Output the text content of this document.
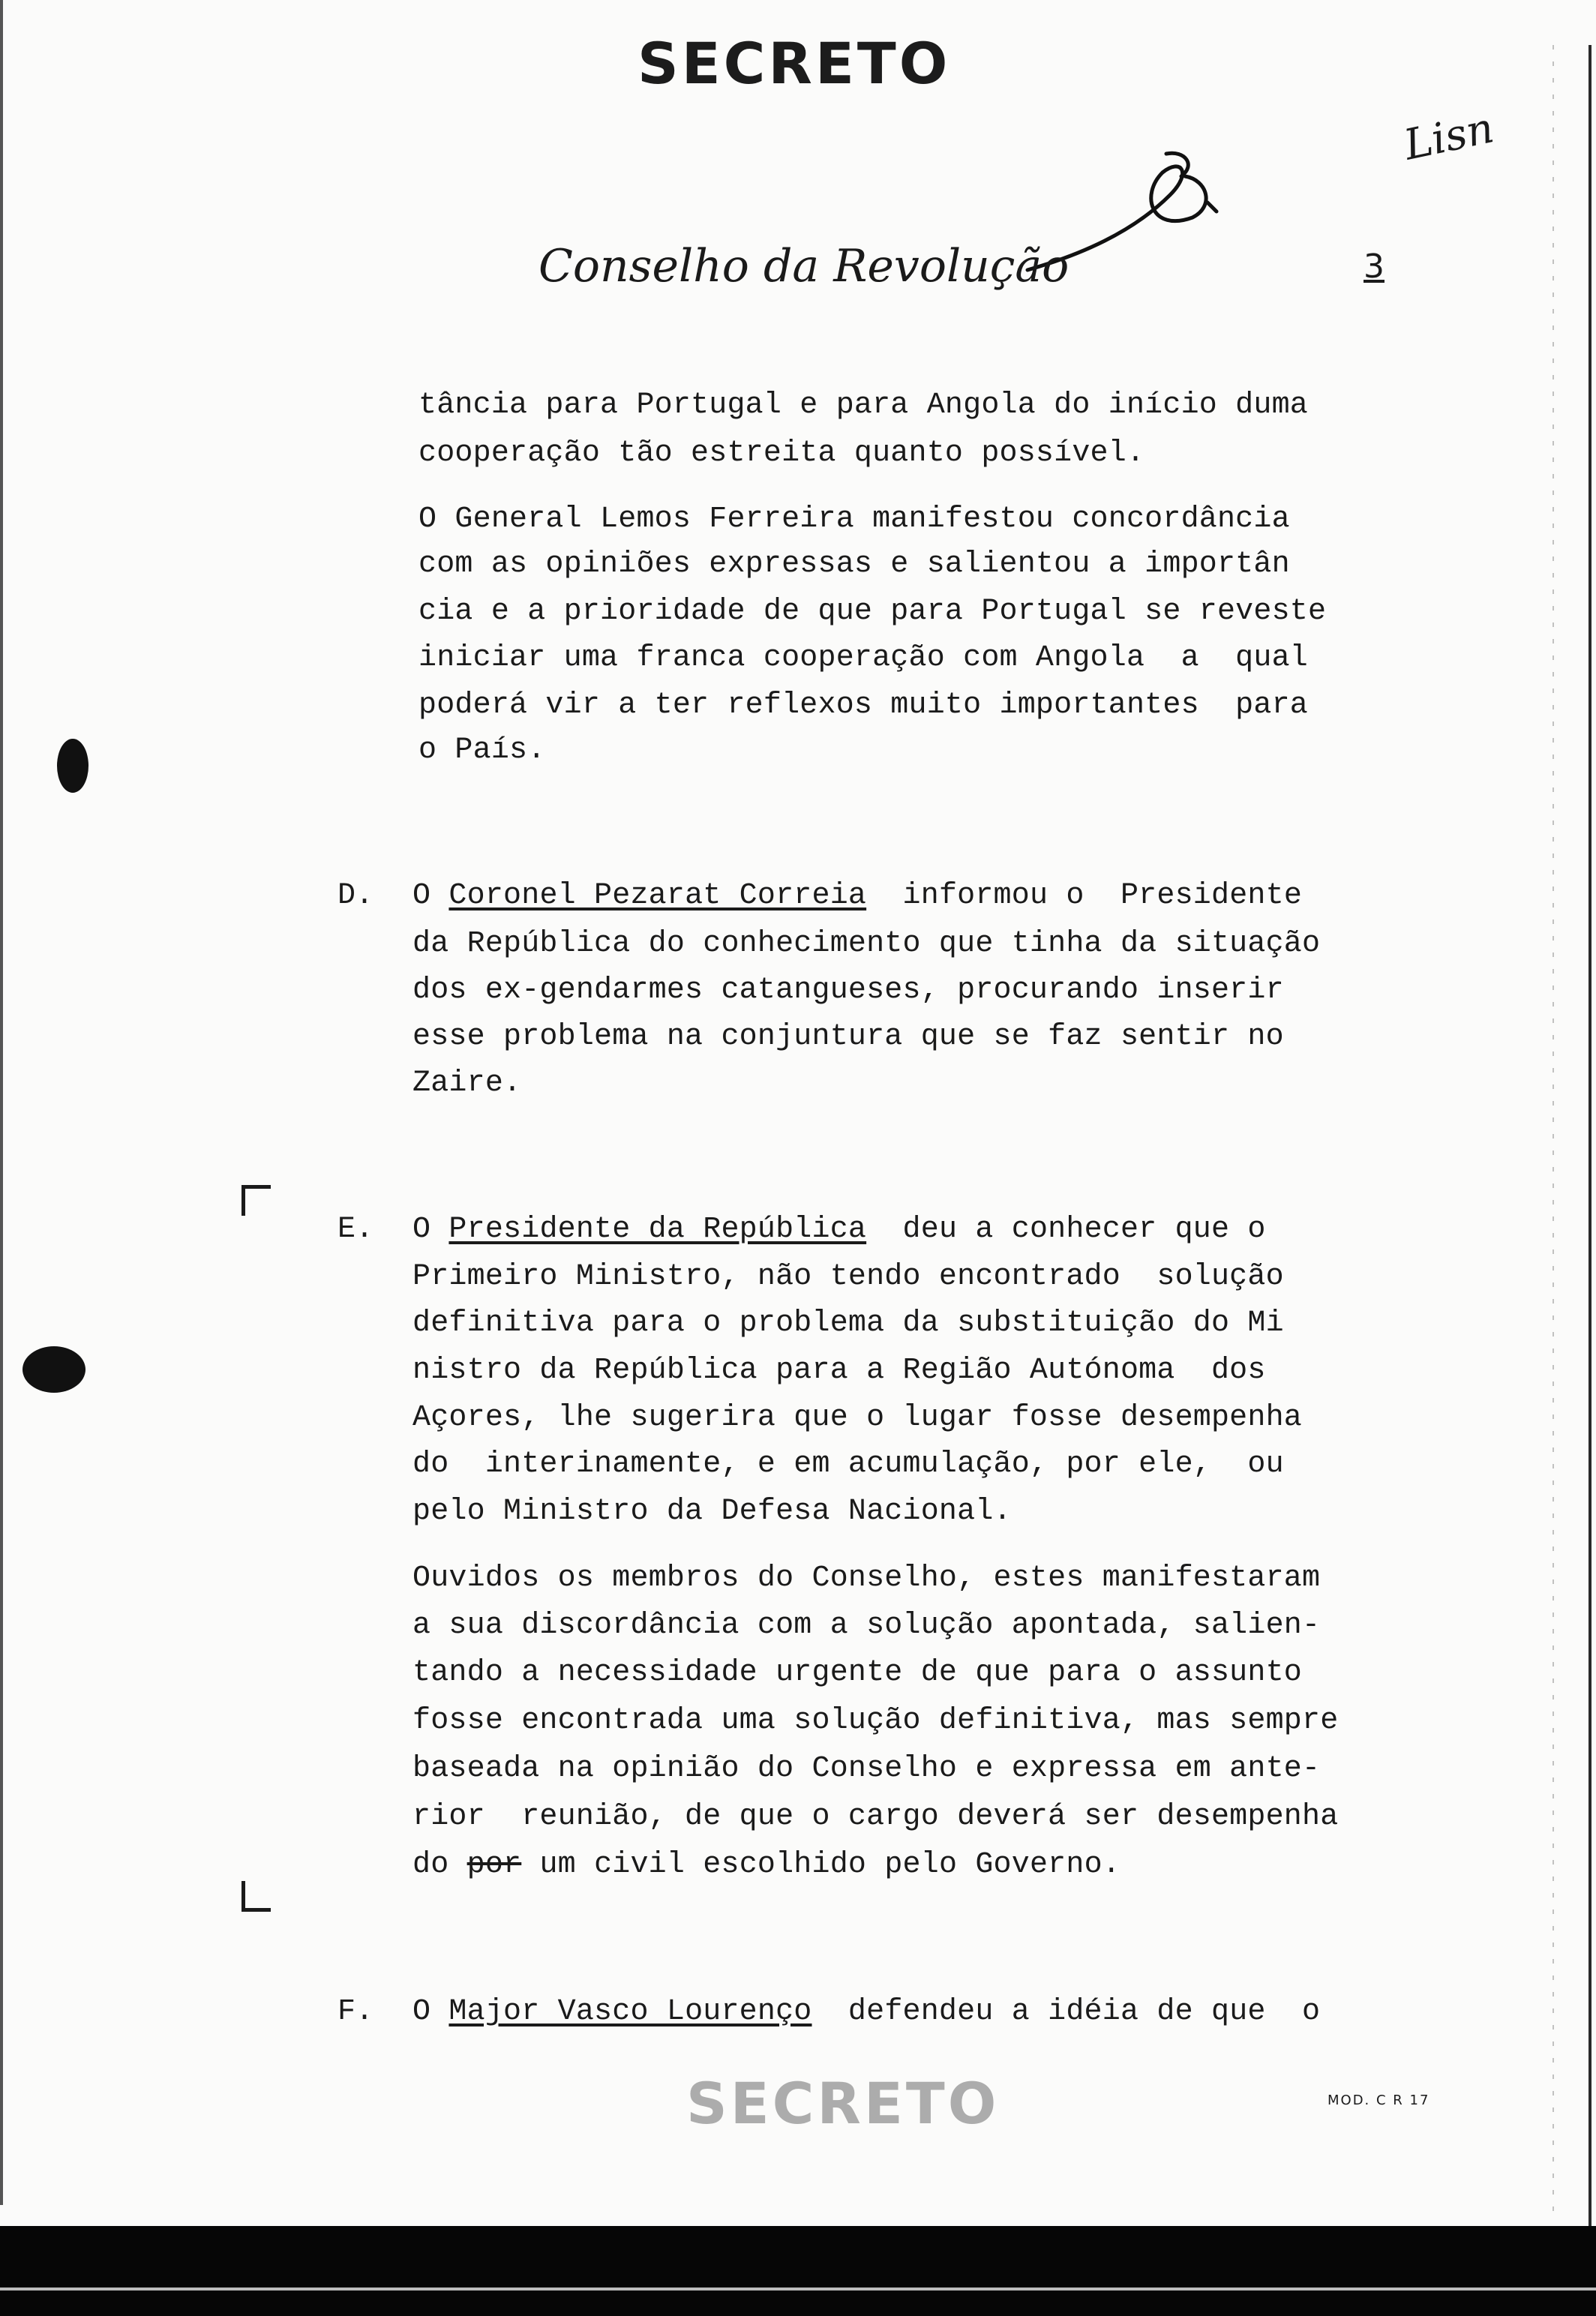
SECRETO
Lisn
Conselho da Revolução	3
tância para Portugal e para Angola do início duma
cooperação tão estreita quanto possível.
O General Lemos Ferreira manifestou concordância
com as opiniões expressas e salientou a importân
cia e a prioridade de que para Portugal se reveste
iniciar uma franca cooperação com Angola  a  qual
poderá vir a ter reflexos muito importantes  para
o País.
D. O Coronel Pezarat Correia  informou o  Presidente
da República do conhecimento que tinha da situação
dos ex-gendarmes catangueses, procurando inserir
esse problema na conjuntura que se faz sentir no
Zaire.
E. O Presidente da República  deu a conhecer que o
Primeiro Ministro, não tendo encontrado  solução
definitiva para o problema da substituição do Mi
nistro da República para a Região Autónoma  dos
Açores, lhe sugerira que o lugar fosse desempenha
do  interinamente, e em acumulação, por ele,  ou
pelo Ministro da Defesa Nacional.
Ouvidos os membros do Conselho, estes manifestaram
a sua discordância com a solução apontada, salien-
tando a necessidade urgente de que para o assunto
fosse encontrada uma solução definitiva, mas sempre
baseada na opinião do Conselho e expressa em ante-
rior  reunião, de que o cargo deverá ser desempenha
do por um civil escolhido pelo Governo.
F. O Major Vasco Lourenço  defendeu a idéia de que  o
SECRETO	MOD. C R 17
